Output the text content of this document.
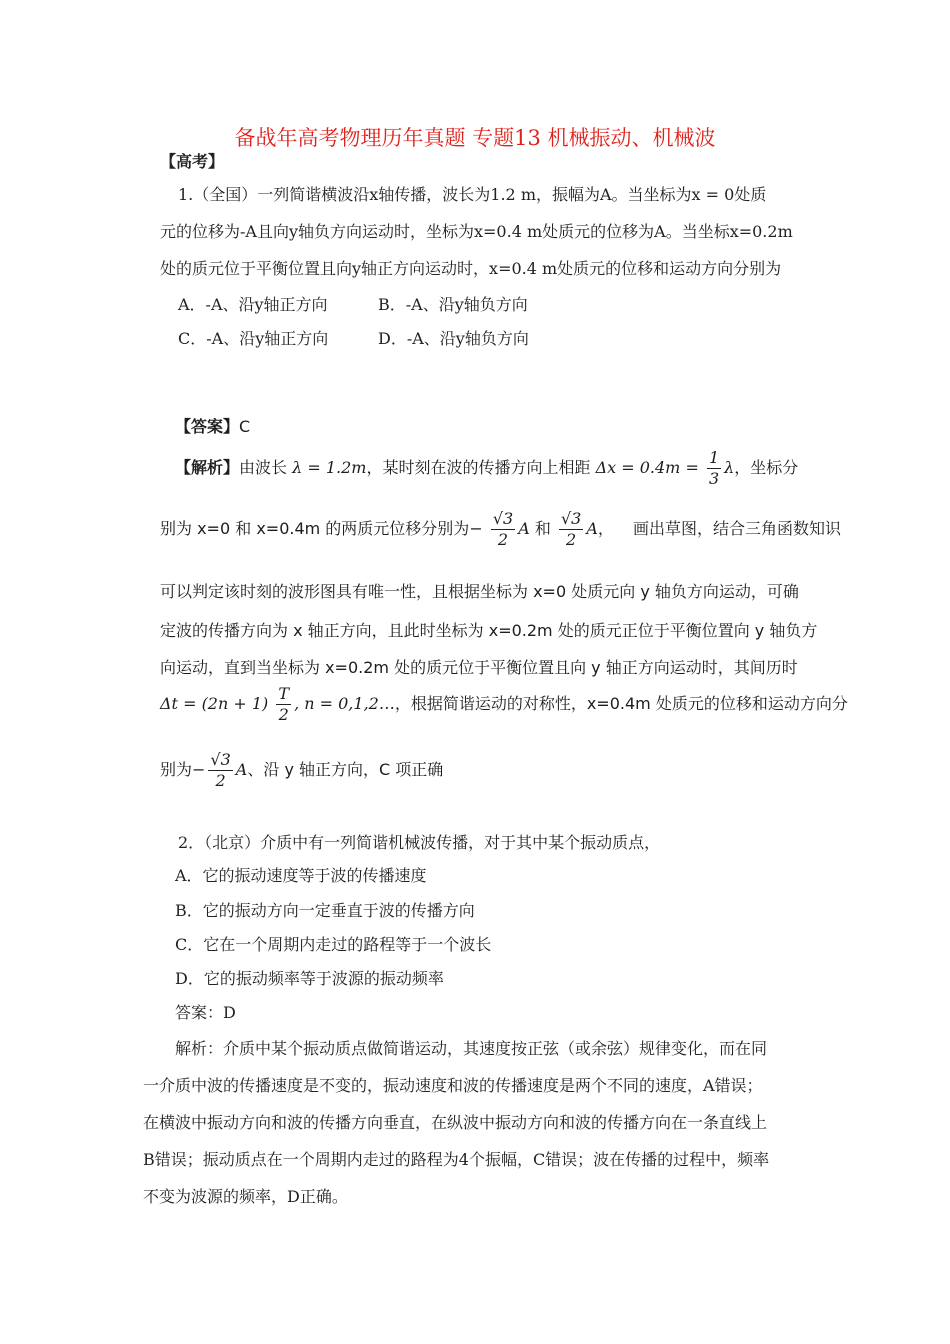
备战年高考物理历年真题 专题13 机械振动、机械波
【高考】
1.（全国）一列简谐横波沿x轴传播，波长为1.2 m，振幅为A。当坐标为x = 0处质
元的位移为-A且向y轴负方向运动时，坐标为x=0.4 m处质元的位移为A。当坐标x=0.2m
处的质元位于平衡位置且向y轴正方向运动时，x=0.4 m处质元的位移和运动方向分别为
A．-A、沿y轴正方向	B．-A、沿y轴负方向
C．-A、沿y轴正方向	D．-A、沿y轴负方向
【答案】C
【解析】由波长 λ = 1.2m，某时刻在波的传播方向上相距 $\Delta x = 0.4m = \frac{1}{3}$ λ，坐标分
别为 x=0 和 x=0.4m 的两质元位移分别为− $\frac{√3}{2}$ A 和 $\frac{√3}{2}$ A， 画出草图，结合三角函数知识
可以判定该时刻的波形图具有唯一性，且根据坐标为 x=0 处质元向 y 轴负方向运动，可确
定波的传播方向为 x 轴正方向，且此时坐标为 x=0.2m 处的质元正位于平衡位置向 y 轴负方
向运动，直到当坐标为 x=0.2m 处的质元位于平衡位置且向 y 轴正方向运动时，其间历时
$\Delta t = (2n + 1) \frac{T}{2}$ , n = 0,1,2…，根据简谐运动的对称性，x=0.4m 处质元的位移和运动方向分
别为− $\frac{√3}{2}$ A、沿 y 轴正方向，C 项正确
2．（北京）介质中有一列简谐机械波传播，对于其中某个振动质点，
A．它的振动速度等于波的传播速度
B．它的振动方向一定垂直于波的传播方向
C．它在一个周期内走过的路程等于一个波长
D．它的振动频率等于波源的振动频率
答案：D
解析：介质中某个振动质点做简谐运动，其速度按正弦（或余弦）规律变化，而在同
一介质中波的传播速度是不变的，振动速度和波的传播速度是两个不同的速度，A错误；
在横波中振动方向和波的传播方向垂直，在纵波中振动方向和波的传播方向在一条直线上
B错误；振动质点在一个周期内走过的路程为4个振幅，C错误；波在传播的过程中，频率
不变为波源的频率，D正确。
